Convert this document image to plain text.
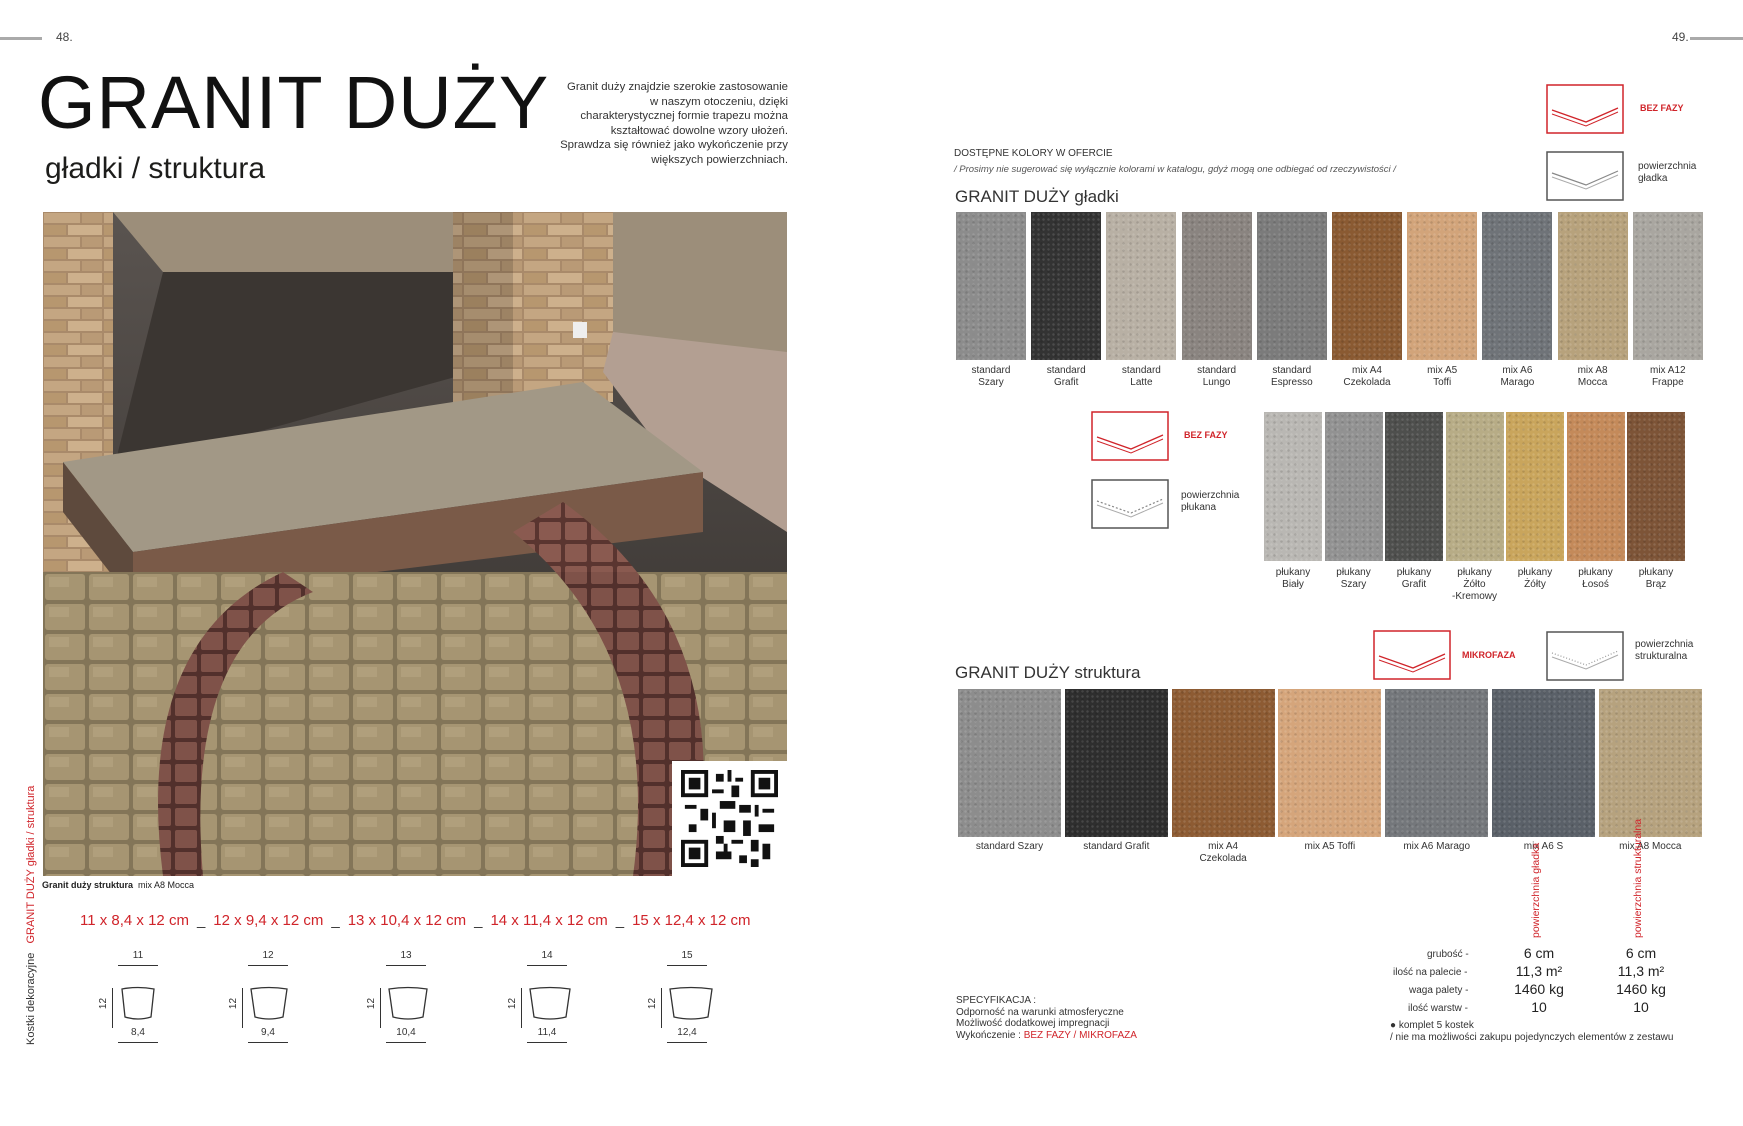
48.	49.
GRANIT DUŻY
gładki / struktura
Granit duży znajdzie szerokie zastosowanie
w naszym otoczeniu, dzięki
charakterystycznej formie trapezu można
kształtować dowolne wzory ułożeń.
Sprawdza się również jako wykończenie przy
większych powierzchniach.
Granit duży struktura mix A8 Mocca
Kostki dekoracyjne   GRANIT DUŻY gładki / struktura	11 x 8,4 x 12 cm _ 12 x 9,4 x 12 cm _ 13 x 10,4 x 12 cm _ 14 x 11,4 x 12 cm _ 15 x 12,4 x 12 cm
11
12
8,4
12
12
9,4
13
12
10,4
14
12
11,4
15
12
12,4
BEZ FAZY
powierzchnia
gładka
DOSTĘPNE KOLORY W OFERCIE
/ Prosimy nie sugerować się wyłącznie kolorami w katalogu, gdyż mogą one odbiegać od rzeczywistości /
GRANIT DUŻY gładki
standard
Szary
standard
Grafit
standard
Latte
standard
Lungo
standard
Espresso
mix A4
Czekolada
mix A5
Toffi
mix A6
Marago
mix A8
Mocca
mix A12
Frappe
BEZ FAZY
powierzchnia
płukana
płukany
Biały
płukany
Szary
płukany
Grafit
płukany
Żółto
-Kremowy
płukany
Żółty
płukany
Łosoś
płukany
Brąz
MIKROFAZA
powierzchnia
strukturalna
GRANIT DUŻY struktura
standard Szary	standard Grafit	mix A4 Czekolada
mix A5 Toffi	mix A6 Marago	mix A6 S	mix A8 Mocca
powierzchnia gładka	powierzchnia strukturalna
grubość -	6 cm	6 cm
ilość na palecie -	11,3 m²	11,3 m²
waga palety -	1460 kg	1460 kg
ilość warstw -	10	10
● komplet 5 kostek
/ nie ma możliwości zakupu pojedynczych elementów z zestawu
SPECYFIKACJA :
Odporność na warunki atmosferyczne
Możliwość dodatkowej impregnacji
Wykończenie : BEZ FAZY / MIKROFAZA
